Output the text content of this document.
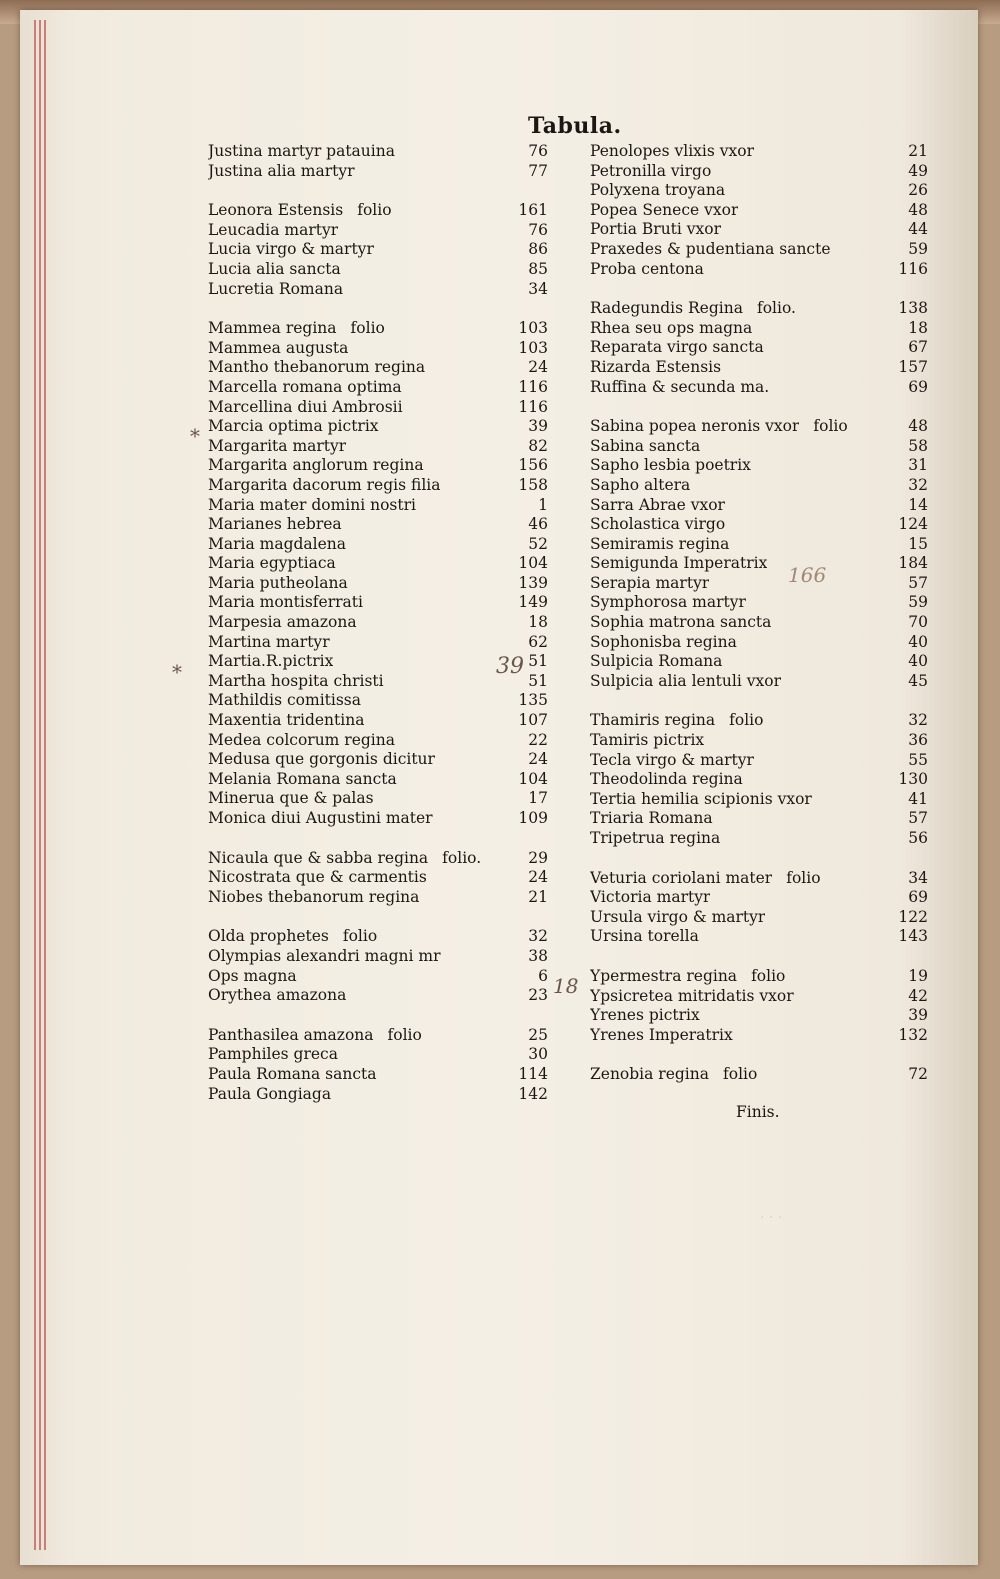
Tabula.
Justina martyr patauina	76
Justina alia martyr	77
Leonora Estensis folio	161
Leucadia martyr	76
Lucia virgo & martyr	86
Lucia alia sancta	85
Lucretia Romana	34
Mammea regina folio	103
Mammea augusta	103
Mantho thebanorum regina	24
Marcella romana optima	116
Marcellina diui Ambrosii	116
Marcia optima pictrix	39
Margarita martyr	82
Margarita anglorum regina	156
Margarita dacorum regis filia	158
Maria mater domini nostri	1
Marianes hebrea	46
Maria magdalena	52
Maria egyptiaca	104
Maria putheolana	139
Maria montisferrati	149
Marpesia amazona	18
Martina martyr	62
Martia.R.pictrix	51
Martha hospita christi	51
Mathildis comitissa	135
Maxentia tridentina	107
Medea colcorum regina	22
Medusa que gorgonis dicitur	24
Melania Romana sancta	104
Minerua que & palas	17
Monica diui Augustini mater	109
Nicaula que & sabba regina folio.	29
Nicostrata que & carmentis	24
Niobes thebanorum regina	21
Olda prophetes folio	32
Olympias alexandri magni mr	38
Ops magna	6
Orythea amazona	23
Panthasilea amazona folio	25
Pamphiles greca	30
Paula Romana sancta	114
Paula Gongiaga	142
Penolopes vlixis vxor	21
Petronilla virgo	49
Polyxena troyana	26
Popea Senece vxor	48
Portia Bruti vxor	44
Praxedes & pudentiana sancte	59
Proba centona	116
Radegundis Regina folio.	138
Rhea seu ops magna	18
Reparata virgo sancta	67
Rizarda Estensis	157
Ruffina & secunda ma.	69
Sabina popea neronis vxor folio	48
Sabina sancta	58
Sapho lesbia poetrix	31
Sapho altera	32
Sarra Abrae vxor	14
Scholastica virgo	124
Semiramis regina	15
Semigunda Imperatrix	184
Serapia martyr	57
Symphorosa martyr	59
Sophia matrona sancta	70
Sophonisba regina	40
Sulpicia Romana	40
Sulpicia alia lentuli vxor	45
Thamiris regina folio	32
Tamiris pictrix	36
Tecla virgo & martyr	55
Theodolinda regina	130
Tertia hemilia scipionis vxor	41
Triaria Romana	57
Tripetrua regina	56
Veturia coriolani mater folio	34
Victoria martyr	69
Ursula virgo & martyr	122
Ursina torella	143
Ypermestra regina folio	19
Ypsicretea mitridatis vxor	42
Yrenes pictrix	39
Yrenes Imperatrix	132
Zenobia regina folio	72
Finis.
*
*	39
18
166
· · ·
